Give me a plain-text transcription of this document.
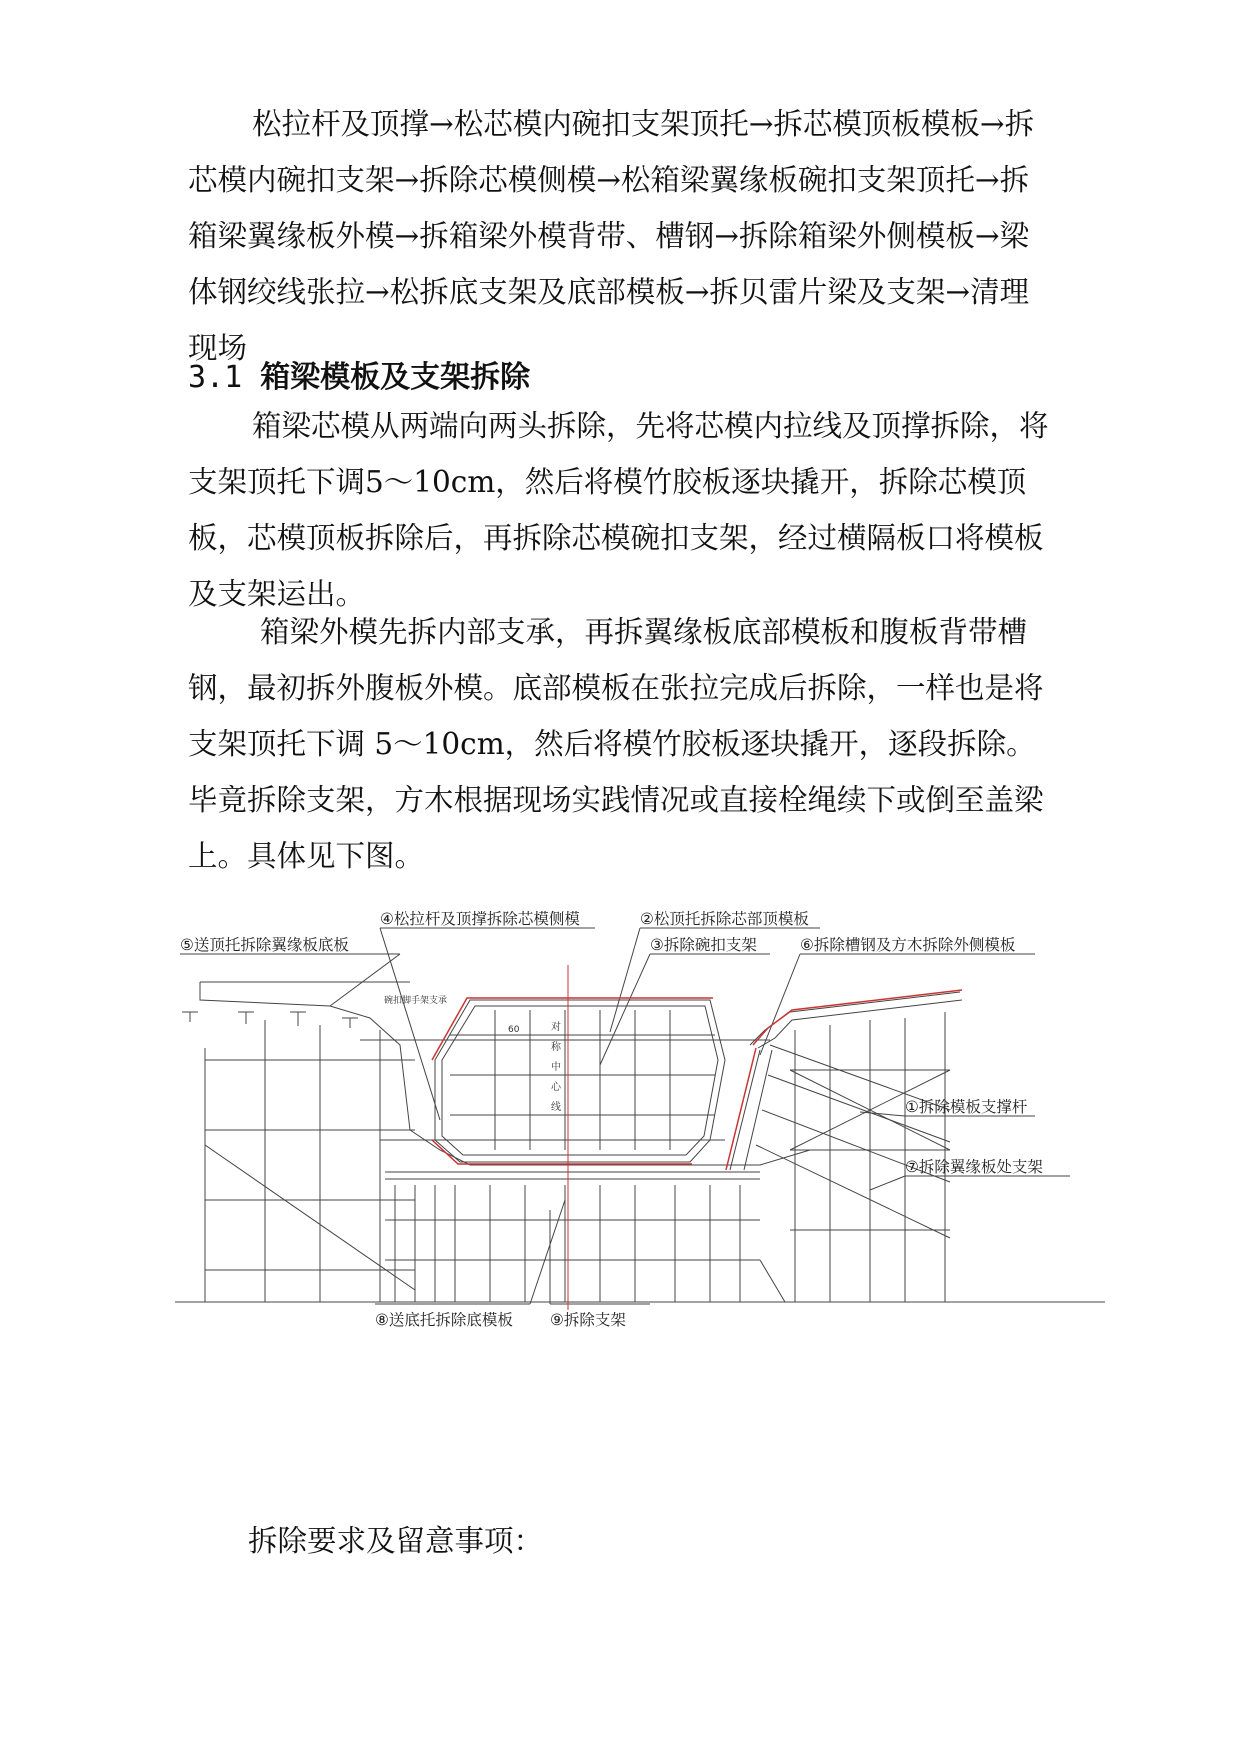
松拉杆及顶撑→松芯模内碗扣支架顶托→拆芯模顶板模板→拆芯模内碗扣支架→拆除芯模侧模→松箱梁翼缘板碗扣支架顶托→拆箱梁翼缘板外模→拆箱梁外模背带、槽钢→拆除箱梁外侧模板→梁体钢绞线张拉→松拆底支架及底部模板→拆贝雷片梁及支架→清理现场

3.1 箱梁模板及支架拆除

箱梁芯模从两端向两头拆除，先将芯模内拉线及顶撑拆除，将支架顶托下调5～10cm，然后将模竹胶板逐块撬开，拆除芯模顶板，芯模顶板拆除后，再拆除芯模碗扣支架，经过横隔板口将模板及支架运出。

箱梁外模先拆内部支承，再拆翼缘板底部模板和腹板背带槽钢，最初拆外腹板外模。底部模板在张拉完成后拆除，一样也是将支架顶托下调 5～10cm，然后将模竹胶板逐块撬开，逐段拆除。毕竟拆除支架，方木根据现场实践情况或直接栓绳续下或倒至盖梁上。具体见下图。

碗扣脚手架支承
60	对
称
中
心
线
⑤送顶托拆除翼缘板底板
④松拉杆及顶撑拆除芯模侧模	②松顶托拆除芯部顶模板
③拆除碗扣支架	⑥拆除槽钢及方木拆除外侧模板
①拆除模板支撑杆
⑦拆除翼缘板处支架
⑧送底托拆除底模板 ⑨拆除支架

拆除要求及留意事项：
